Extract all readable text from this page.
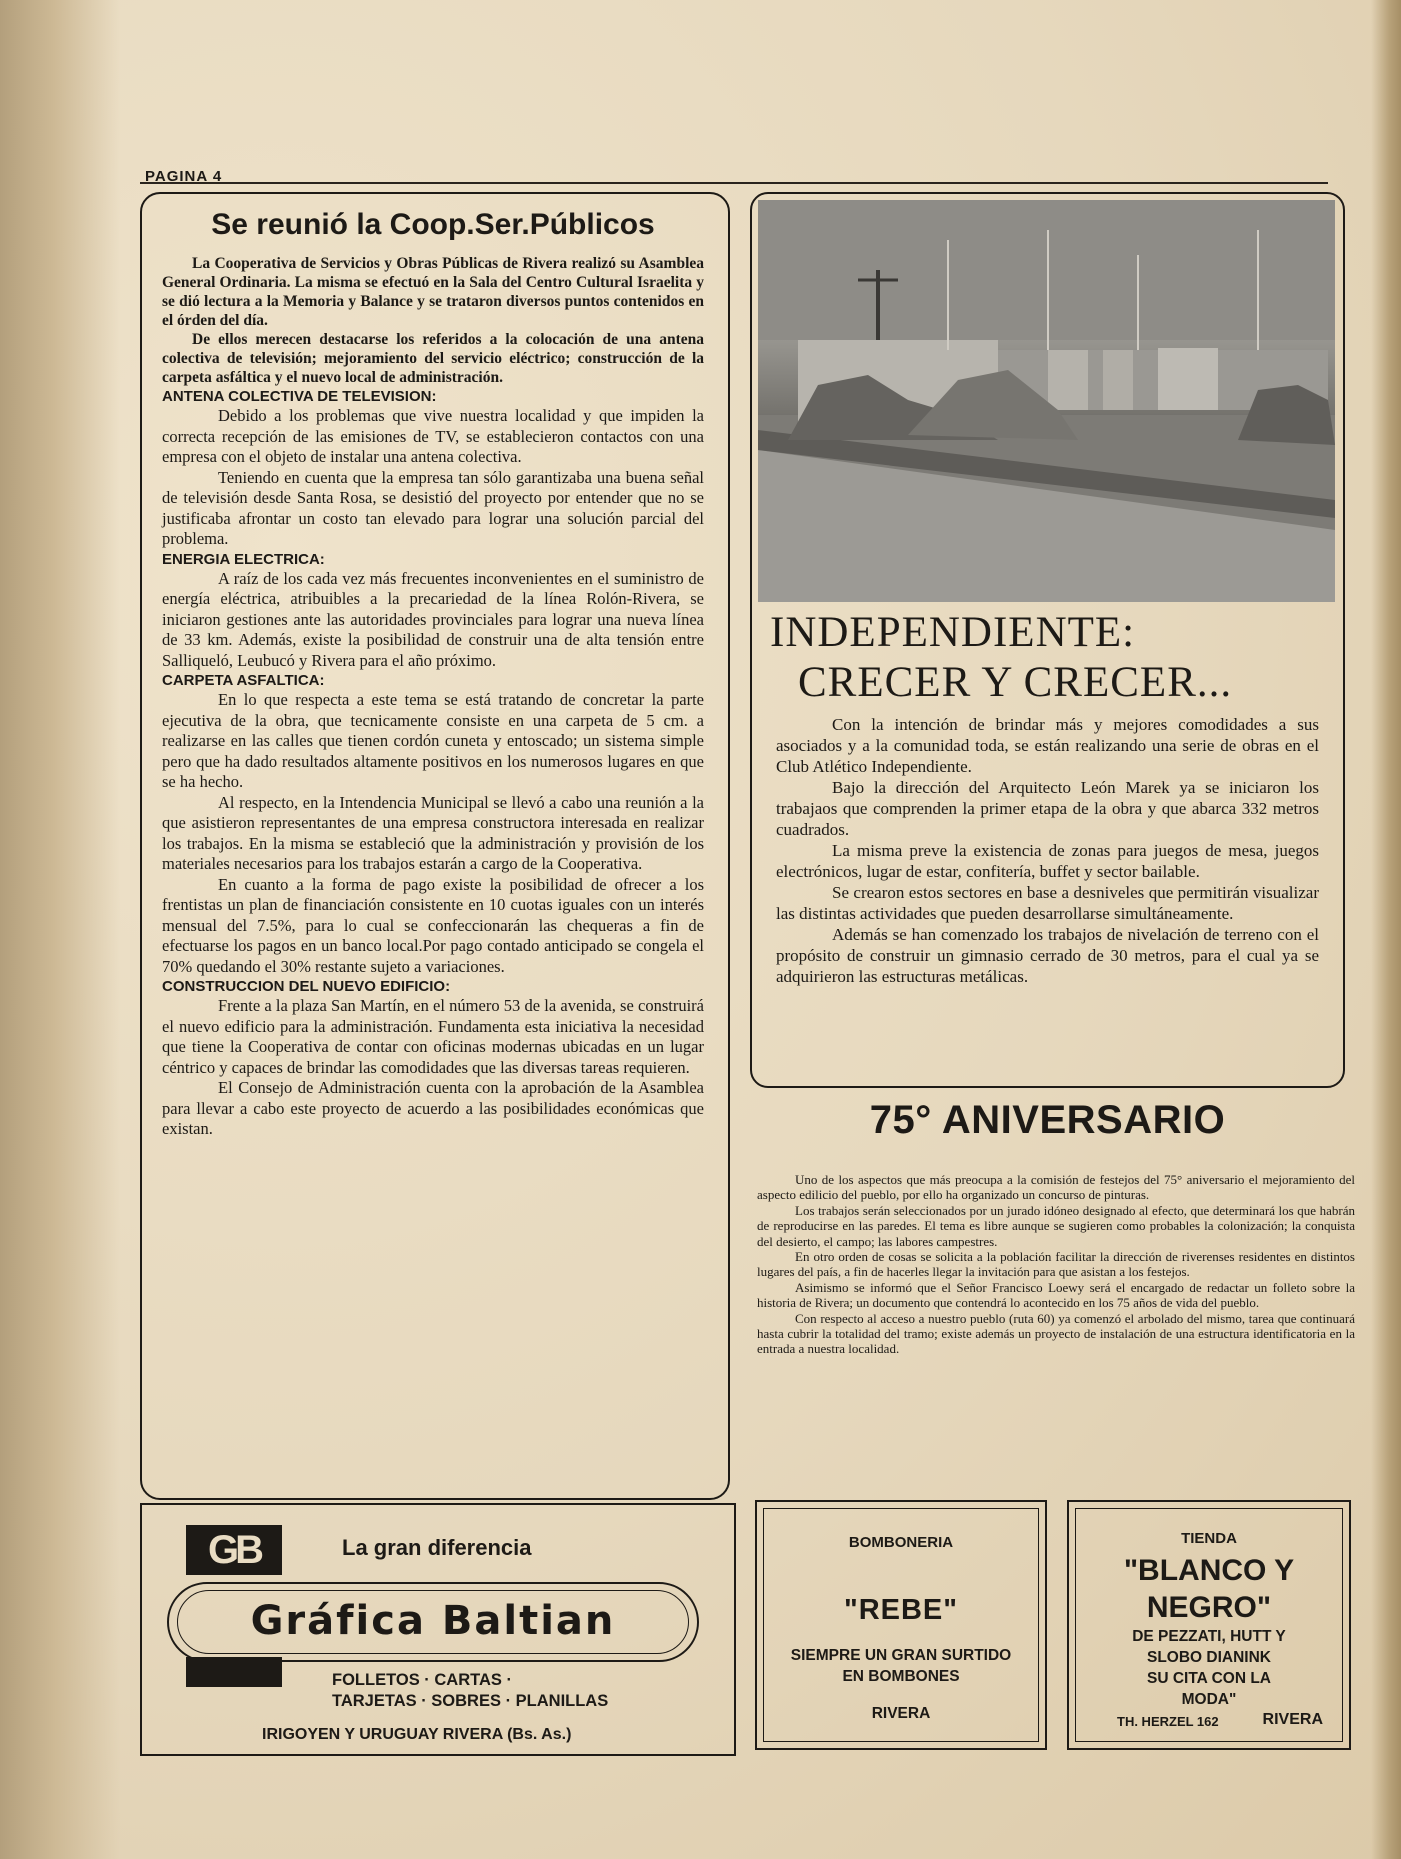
PAGINA 4
Se reunió la Coop.Ser.Públicos

La Cooperativa de Servicios y Obras Públicas de Rivera realizó su Asamblea General Ordinaria. La misma se efectuó en la Sala del Centro Cultural Israelita y se dió lectura a la Memoria y Balance y se trataron diversos puntos contenidos en el órden del día.

De ellos merecen destacarse los referidos a la colocación de una antena colectiva de televisión; mejoramiento del servicio eléctrico; construcción de la carpeta asfáltica y el nuevo local de administración.

ANTENA COLECTIVA DE TELEVISION:

Debido a los problemas que vive nuestra localidad y que impiden la correcta recepción de las emisiones de TV, se establecieron contactos con una empresa con el objeto de instalar una antena colectiva.

Teniendo en cuenta que la empresa tan sólo garantizaba una buena señal de televisión desde Santa Rosa, se desistió del proyecto por entender que no se justificaba afrontar un costo tan elevado para lograr una solución parcial del problema.

ENERGIA ELECTRICA:

A raíz de los cada vez más frecuentes inconvenientes en el suministro de energía eléctrica, atribuibles a la precariedad de la línea Rolón-Rivera, se iniciaron gestiones ante las autoridades provinciales para lograr una nueva línea de 33 km. Además, existe la posibilidad de construir una de alta tensión entre Salliqueló, Leubucó y Rivera para el año próximo.

CARPETA ASFALTICA:

En lo que respecta a este tema se está tratando de concretar la parte ejecutiva de la obra, que tecnicamente consiste en una carpeta de 5 cm. a realizarse en las calles que tienen cordón cuneta y entoscado; un sistema simple pero que ha dado resultados altamente positivos en los numerosos lugares en que se ha hecho.

Al respecto, en la Intendencia Municipal se llevó a cabo una reunión a la que asistieron representantes de una empresa constructora interesada en realizar los trabajos. En la misma se estableció que la administración y provisión de los materiales necesarios para los trabajos estarán a cargo de la Cooperativa.

En cuanto a la forma de pago existe la posibilidad de ofrecer a los frentistas un plan de financiación consistente en 10 cuotas iguales con un interés mensual del 7.5%, para lo cual se confeccionarán las chequeras a fin de efectuarse los pagos en un banco local.Por pago contado anticipado se congela el 70% quedando el 30% restante sujeto a variaciones.

CONSTRUCCION DEL NUEVO EDIFICIO:

Frente a la plaza San Martín, en el número 53 de la avenida, se construirá el nuevo edificio para la administración. Fundamenta esta iniciativa la necesidad que tiene la Cooperativa de contar con oficinas modernas ubicadas en un lugar céntrico y capaces de brindar las comodidades que las diversas tareas requieren.

El Consejo de Administración cuenta con la aprobación de la Asamblea para llevar a cabo este proyecto de acuerdo a las posibilidades económicas que existan.

INDEPENDIENTE:
CRECER Y CRECER...

Con la intención de brindar más y mejores comodidades a sus asociados y a la comunidad toda, se están realizando una serie de obras en el Club Atlético Independiente.

Bajo la dirección del Arquitecto León Marek ya se iniciaron los trabajaos que comprenden la primer etapa de la obra y que abarca 332 metros cuadrados.

La misma preve la existencia de zonas para juegos de mesa, juegos electrónicos, lugar de estar, confitería, buffet y sector bailable.

Se crearon estos sectores en base a desniveles que permitirán visualizar las distintas actividades que pueden desarrollarse simultáneamente.

Además se han comenzado los trabajos de nivelación de terreno con el propósito de construir un gimnasio cerrado de 30 metros, para el cual ya se adquirieron las estructuras metálicas.

75° ANIVERSARIO

Uno de los aspectos que más preocupa a la comisión de festejos del 75° aniversario el mejoramiento del aspecto edilicio del pueblo, por ello ha organizado un concurso de pinturas.

Los trabajos serán seleccionados por un jurado idóneo designado al efecto, que determinará los que habrán de reproducirse en las paredes. El tema es libre aunque se sugieren como probables la colonización; la conquista del desierto, el campo; las labores campestres.

En otro orden de cosas se solicita a la población facilitar la dirección de riverenses residentes en distintos lugares del país, a fin de hacerles llegar la invitación para que asistan a los festejos.

Asimismo se informó que el Señor Francisco Loewy será el encargado de redactar un folleto sobre la historia de Rivera; un documento que contendrá lo acontecido en los 75 años de vida del pueblo.

Con respecto al acceso a nuestro pueblo (ruta 60) ya comenzó el arbolado del mismo, tarea que continuará hasta cubrir la totalidad del tramo; existe además un proyecto de instalación de una estructura identificatoria en la entrada a nuestra localidad.

GB	La gran diferencia
Gráfica Baltian
FOLLETOS · CARTAS ·
TARJETAS · SOBRES · PLANILLAS
IRIGOYEN Y URUGUAY RIVERA (Bs. As.)
BOMBONERIA
"REBE"
SIEMPRE UN GRAN SURTIDO
EN BOMBONES
RIVERA
TIENDA
"BLANCO Y
NEGRO"
DE PEZZATI, HUTT Y
SLOBO DIANINK
SU CITA CON LA
MODA"
TH. HERZEL 162	RIVERA
